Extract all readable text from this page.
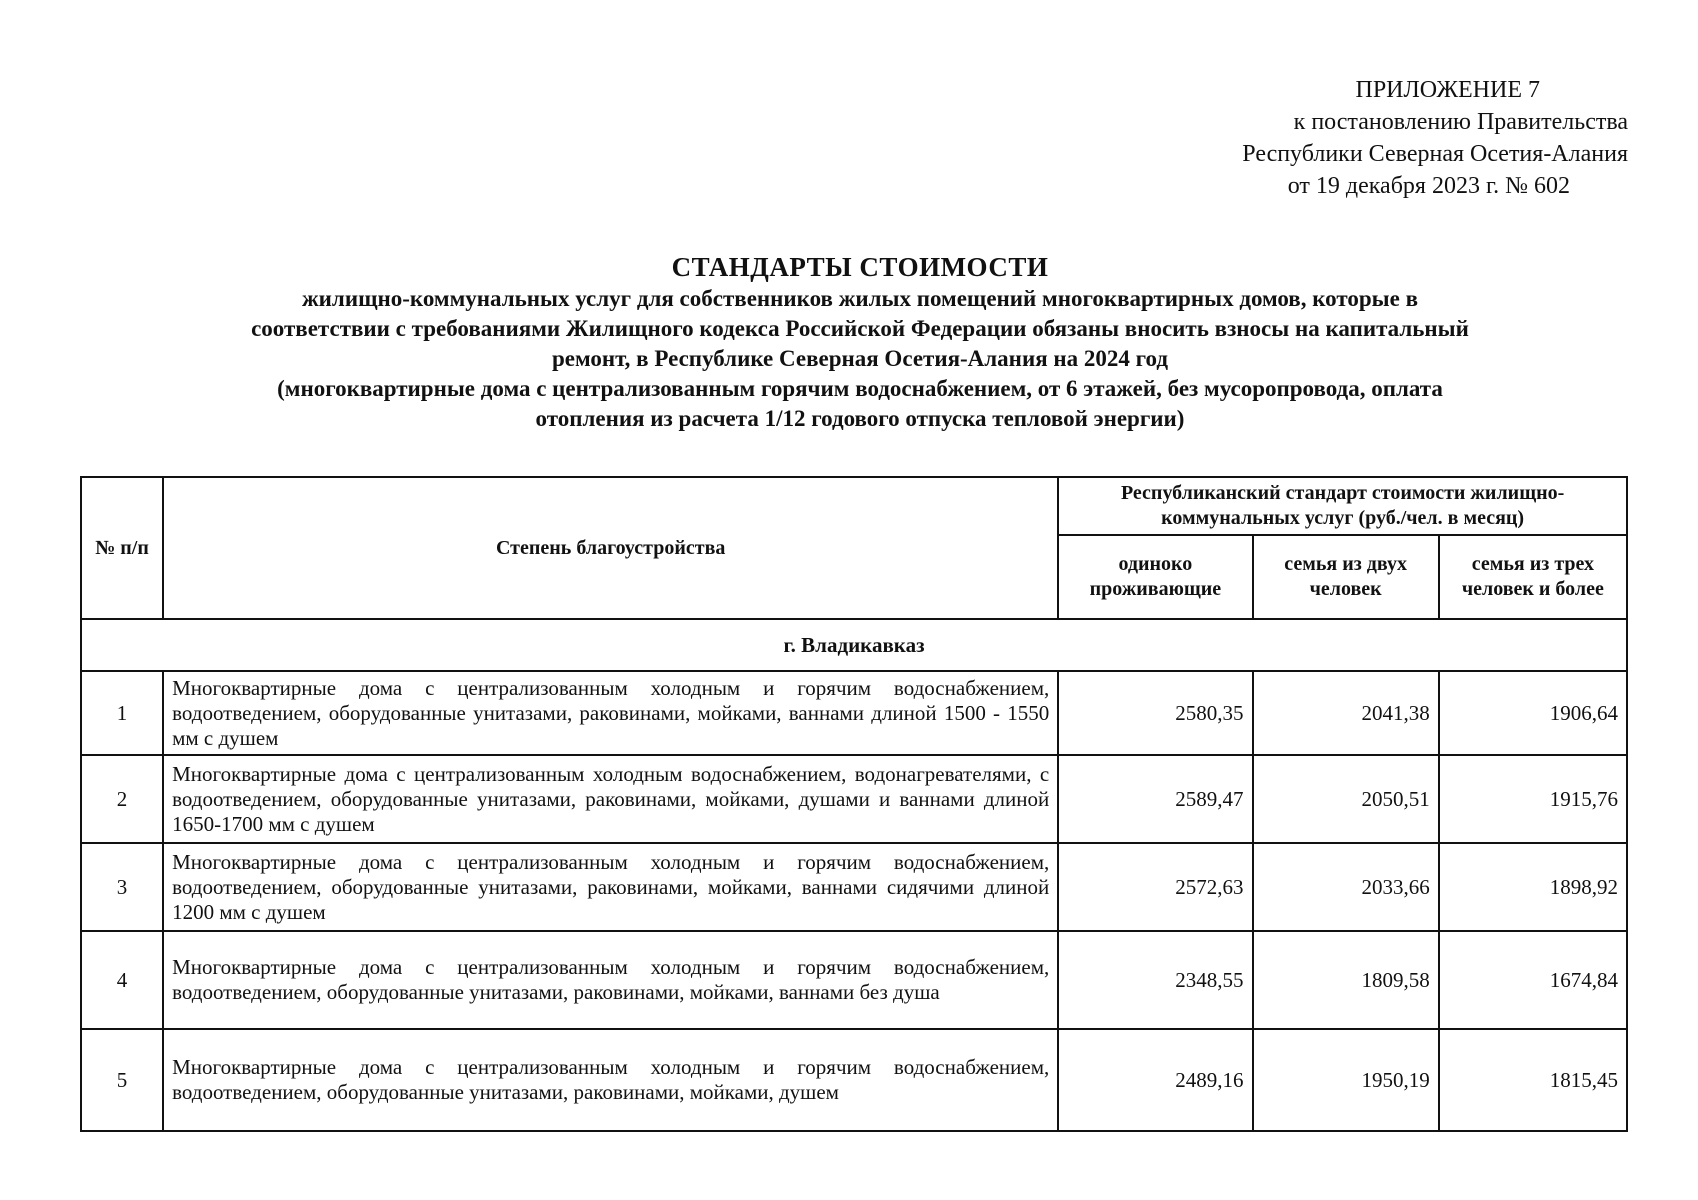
ПРИЛОЖЕНИЕ 7
к постановлению Правительства
Республики Северная Осетия-Алания
от 19 декабря 2023 г. № 602
СТАНДАРТЫ СТОИМОСТИ
жилищно-коммунальных услуг для собственников жилых помещений многоквартирных домов, которые в
соответствии с требованиями Жилищного кодекса Российской Федерации обязаны вносить взносы на капитальный
ремонт, в Республике Северная Осетия-Алания на 2024 год
(многоквартирные дома с централизованным горячим водоснабжением, от 6 этажей, без мусоропровода, оплата
отопления из расчета 1/12 годового отпуска тепловой энергии)
№ п/п	Степень благоустройства	Республиканский стандарт стоимости жилищно-коммунальных услуг (руб./чел. в месяц)		
		одиноко проживающие	семья из двух человек	семья из трех человек и более
г. Владикавказ				
1	Многоквартирные дома с централизованным холодным и горячим водоснабжением, водоотведением, оборудованные унитазами, раковинами, мойками, ваннами длиной 1500 - 1550 мм с душем	2580,35	2041,38	1906,64
2	Многоквартирные дома с централизованным холодным водоснабжением, водонагревателями, с водоотведением, оборудованные унитазами, раковинами, мойками, душами и ваннами длиной 1650-1700 мм с душем	2589,47	2050,51	1915,76
3	Многоквартирные дома с централизованным холодным и горячим водоснабжением, водоотведением, оборудованные унитазами, раковинами, мойками, ваннами сидячими длиной 1200 мм с душем	2572,63	2033,66	1898,92
4	Многоквартирные дома с централизованным холодным и горячим водоснабжением, водоотведением, оборудованные унитазами, раковинами, мойками, ваннами без душа	2348,55	1809,58	1674,84
5	Многоквартирные дома с централизованным холодным и горячим водоснабжением, водоотведением, оборудованные унитазами, раковинами, мойками, душем	2489,16	1950,19	1815,45
